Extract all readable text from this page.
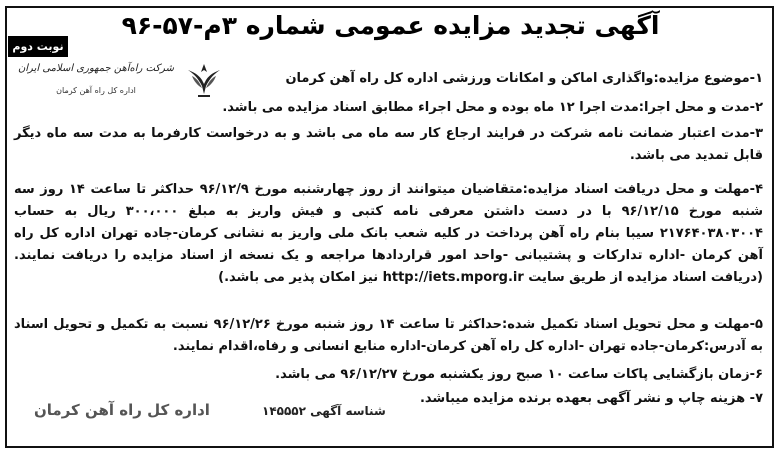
آگهی تجدید مزایده عمومی شماره ۳م-۵۷-۹۶
نوبت دوم
شرکت راه‌آهن جمهوری اسلامی ایران
اداره کل راه آهن کرمان
۱-موضوع مزایده:واگذاری اماکن و امکانات ورزشی اداره کل راه آهن کرمان
۲-مدت و محل اجرا:مدت اجرا ۱۲ ماه بوده و محل اجراء مطابق اسناد مزایده می باشد.
۳-مدت اعتبار ضمانت نامه شرکت در فرایند ارجاع کار سه ماه می باشد و به درخواست کارفرما به مدت سه ماه دیگر قابل تمدید می باشد.
۴-مهلت و محل دریافت اسناد مزایده:متقاضیان میتوانند از روز چهارشنبه مورخ ۹۶/۱۲/۹ حداکثر تا ساعت ۱۴ روز سه شنبه مورخ ۹۶/۱۲/۱۵ با در دست داشتن معرفی نامه کتبی و فیش واریز به مبلغ ۳۰۰،۰۰۰ ریال به حساب ۲۱۷۶۴۰۳۸۰۳۰۰۴ سیبا بنام راه آهن پرداخت در کلیه شعب بانک ملی واریز به نشانی کرمان-جاده تهران اداره کل راه آهن کرمان -اداره تدارکات و پشتیبانی -واحد امور قراردادها مراجعه و یک نسخه از اسناد مزایده را دریافت نمایند.(دریافت اسناد مزایده از طریق سایت http://iets.mporg.ir نیز امکان پذیر می باشد.)
۵-مهلت و محل تحویل اسناد تکمیل شده:حداکثر تا ساعت ۱۴ روز شنبه مورخ ۹۶/۱۲/۲۶ نسبت به تکمیل و تحویل اسناد به آدرس:کرمان-جاده تهران -اداره کل راه آهن کرمان-اداره منابع انسانی و رفاه،اقدام نمایند.
۶-زمان بازگشایی پاکات ساعت ۱۰ صبح روز یکشنبه مورخ ۹۶/۱۲/۲۷ می باشد.
۷- هزینه چاپ و نشر آگهی بعهده برنده مزایده میباشد.
شناسه آگهی ۱۴۵۵۵۲
اداره کل راه آهن کرمان
